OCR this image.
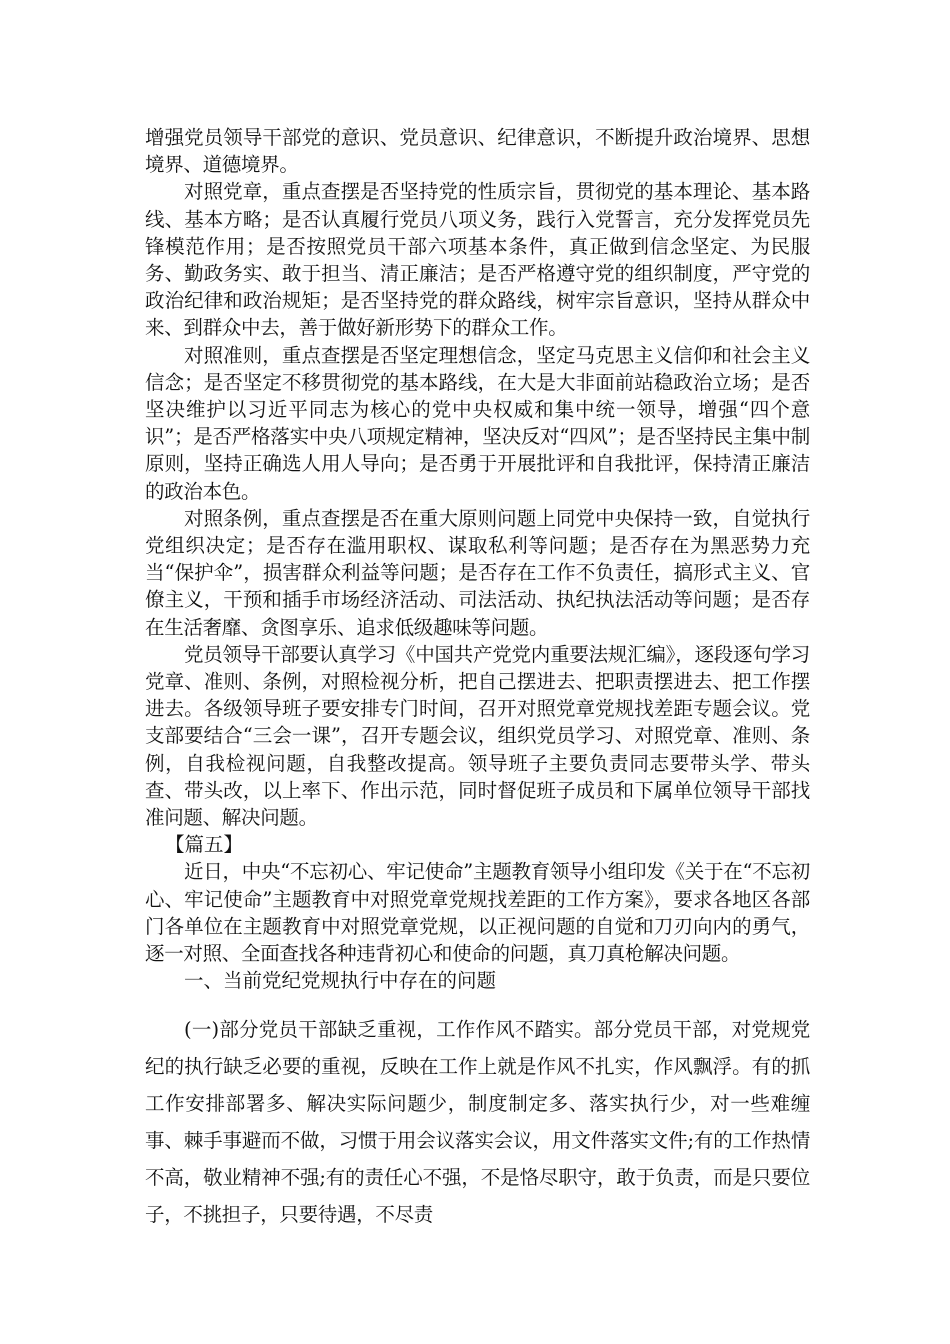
增强党员领导干部党的意识、党员意识、纪律意识，不断提升政治境界、思想境界、道德境界。

对照党章，重点查摆是否坚持党的性质宗旨，贯彻党的基本理论、基本路线、基本方略；是否认真履行党员八项义务，践行入党誓言，充分发挥党员先锋模范作用；是否按照党员干部六项基本条件，真正做到信念坚定、为民服务、勤政务实、敢于担当、清正廉洁；是否严格遵守党的组织制度，严守党的政治纪律和政治规矩；是否坚持党的群众路线，树牢宗旨意识，坚持从群众中来、到群众中去，善于做好新形势下的群众工作。

对照准则，重点查摆是否坚定理想信念，坚定马克思主义信仰和社会主义信念；是否坚定不移贯彻党的基本路线，在大是大非面前站稳政治立场；是否坚决维护以习近平同志为核心的党中央权威和集中统一领导，增强“四个意识”；是否严格落实中央八项规定精神，坚决反对“四风”；是否坚持民主集中制原则，坚持正确选人用人导向；是否勇于开展批评和自我批评，保持清正廉洁的政治本色。

对照条例，重点查摆是否在重大原则问题上同党中央保持一致，自觉执行党组织决定；是否存在滥用职权、谋取私利等问题；是否存在为黑恶势力充当“保护伞”，损害群众利益等问题；是否存在工作不负责任，搞形式主义、官僚主义，干预和插手市场经济活动、司法活动、执纪执法活动等问题；是否存在生活奢靡、贪图享乐、追求低级趣味等问题。

党员领导干部要认真学习《中国共产党党内重要法规汇编》，逐段逐句学习党章、准则、条例，对照检视分析，把自己摆进去、把职责摆进去、把工作摆进去。各级领导班子要安排专门时间，召开对照党章党规找差距专题会议。党支部要结合“三会一课”，召开专题会议，组织党员学习、对照党章、准则、条例，自我检视问题，自我整改提高。领导班子主要负责同志要带头学、带头查、带头改，以上率下、作出示范，同时督促班子成员和下属单位领导干部找准问题、解决问题。

【篇五】

近日，中央“不忘初心、牢记使命”主题教育领导小组印发《关于在“不忘初心、牢记使命”主题教育中对照党章党规找差距的工作方案》，要求各地区各部门各单位在主题教育中对照党章党规，以正视问题的自觉和刀刃向内的勇气，逐一对照、全面查找各种违背初心和使命的问题，真刀真枪解决问题。

一、当前党纪党规执行中存在的问题

(一)部分党员干部缺乏重视，工作作风不踏实。部分党员干部，对党规党纪的执行缺乏必要的重视，反映在工作上就是作风不扎实，作风飘浮。有的抓工作安排部署多、解决实际问题少，制度制定多、落实执行少，对一些难缠事、棘手事避而不做，习惯于用会议落实会议，用文件落实文件;有的工作热情不高，敬业精神不强;有的责任心不强，不是恪尽职守，敢于负责，而是只要位子，不挑担子，只要待遇，不尽责
